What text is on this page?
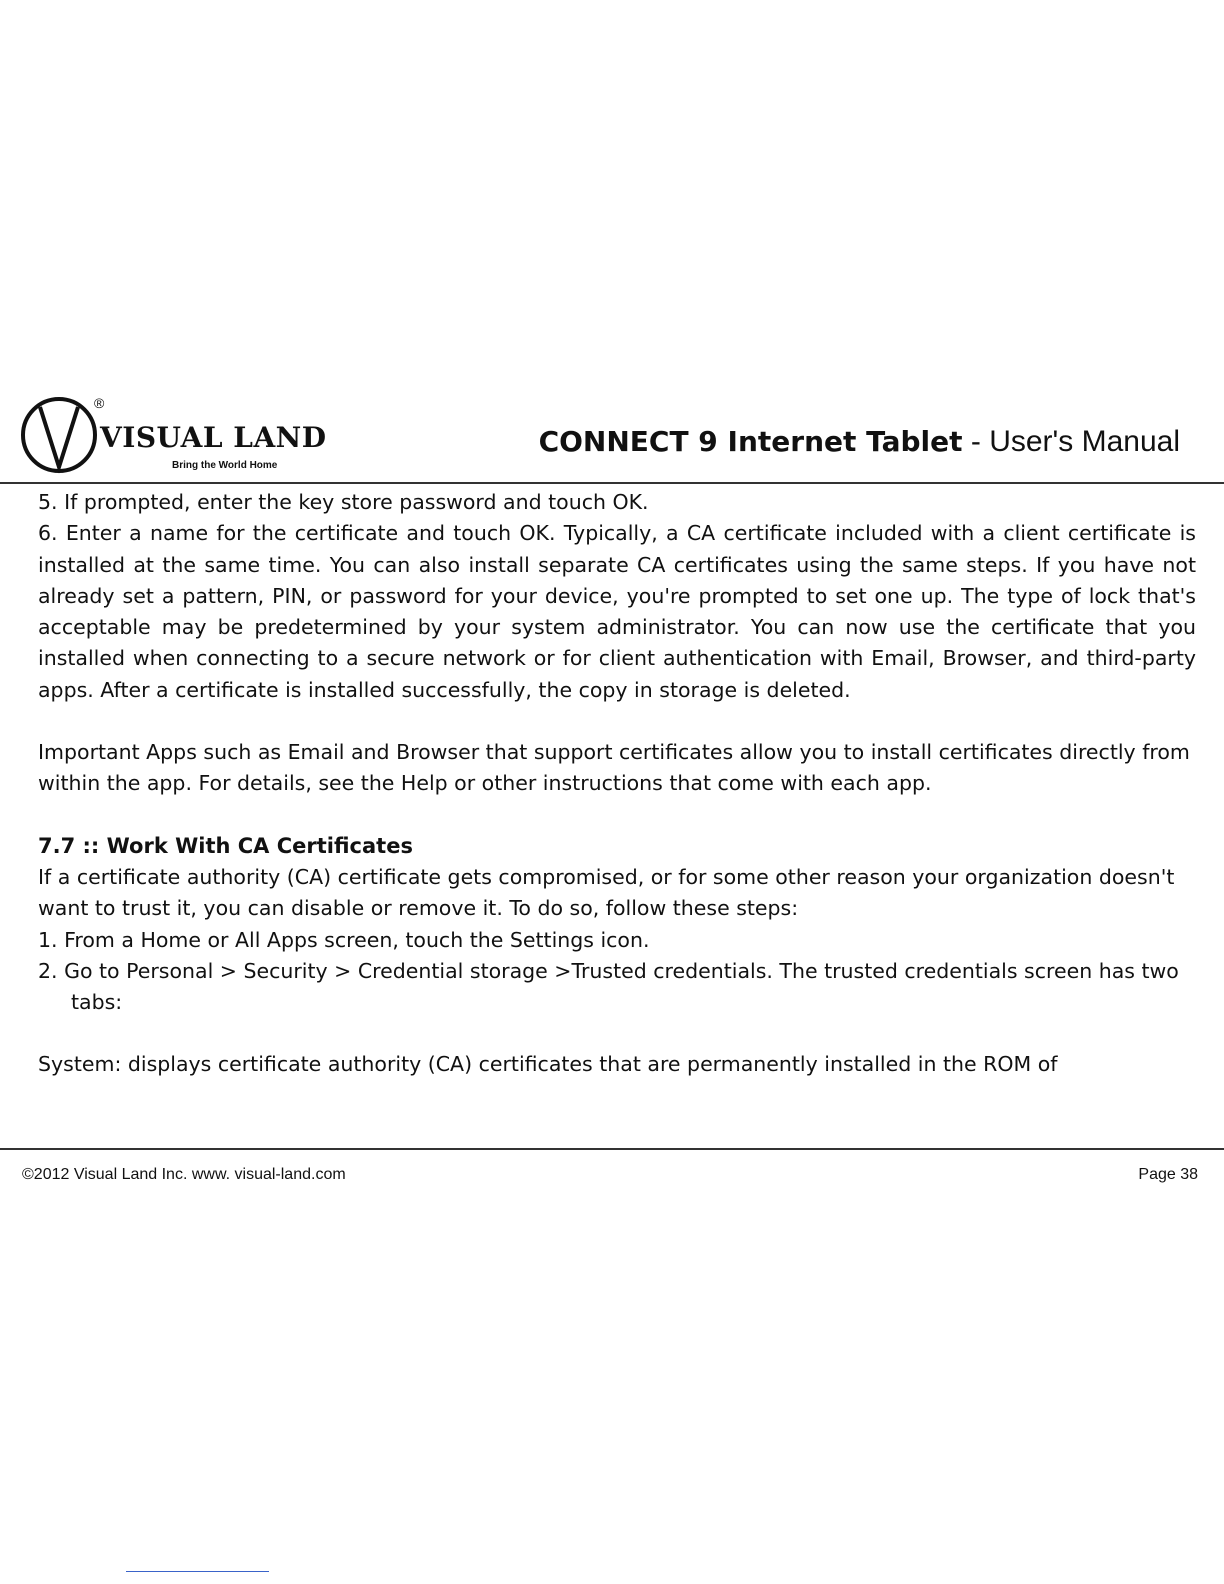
®
VISUAL LAND
Bring the World Home
CONNECT 9 Internet Tablet - User's Manual

5. If prompted, enter the key store password and touch OK.

6. Enter a name for the certificate and touch OK. Typically, a CA certificate included with a client certificate is installed at the same time. You can also install separate CA certificates using the same steps. If you have not already set a pattern, PIN, or password for your device, you're prompted to set one up. The type of lock that's acceptable may be predetermined by your system administrator. You can now use the certificate that you installed when connecting to a secure network or for client authentication with Email, Browser, and third-party apps. After a certificate is installed successfully, the copy in storage is deleted.

Important Apps such as Email and Browser that support certificates allow you to install certificates directly from within the app. For details, see the Help or other instructions that come with each app.

7.7 :: Work With CA Certificates

If a certificate authority (CA) certificate gets compromised, or for some other reason your organization doesn't want to trust it, you can disable or remove it. To do so, follow these steps:

1. From a Home or All Apps screen, touch the Settings icon.

2. Go to Personal > Security > Credential storage >Trusted credentials. The trusted credentials screen has two tabs:

System: displays certificate authority (CA) certificates that are permanently installed in the ROM of

©2012 Visual Land Inc. www. visual-land.com	Page 38
